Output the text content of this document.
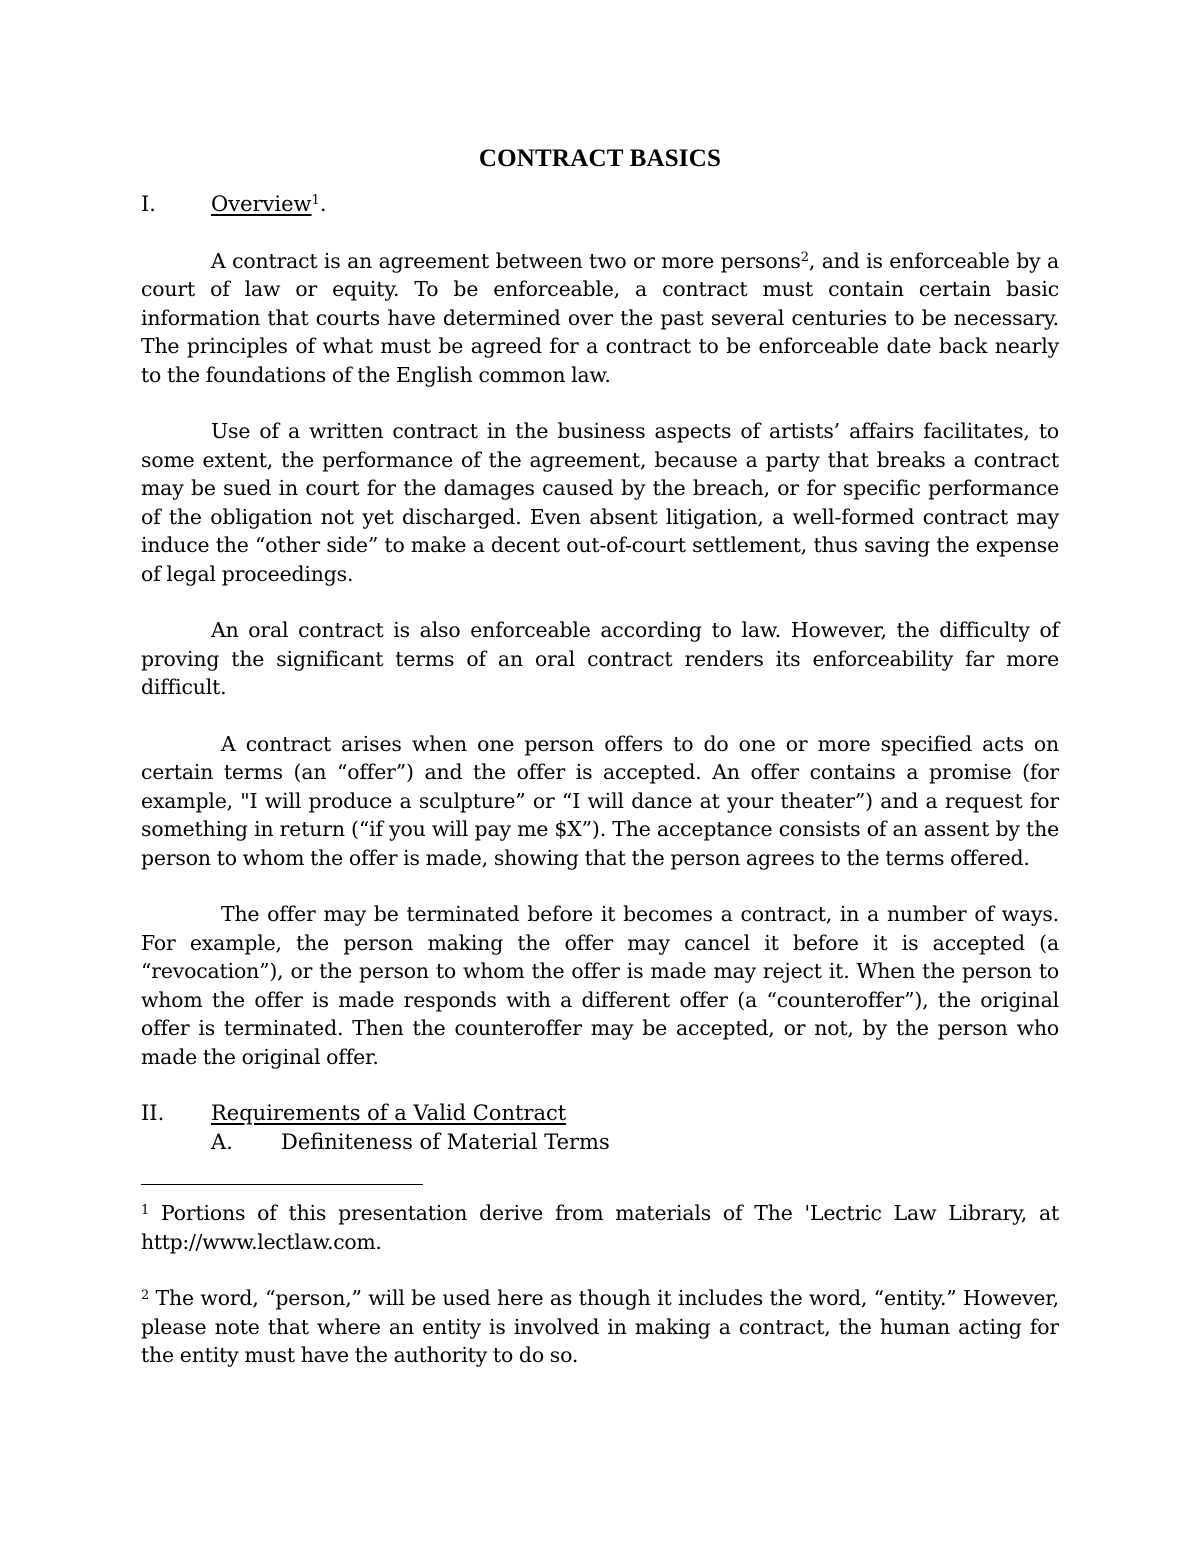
CONTRACT BASICS
I.	Overview$^1$.

A contract is an agreement between two or more persons$^2$, and is enforceable by a court of law or equity. To be enforceable, a contract must contain certain basic information that courts have determined over the past several centuries to be necessary. The principles of what must be agreed for a contract to be enforceable date back nearly to the foundations of the English common law.

Use of a written contract in the business aspects of artists’ affairs facilitates, to some extent, the performance of the agreement, because a party that breaks a contract may be sued in court for the damages caused by the breach, or for specific performance of the obligation not yet discharged. Even absent litigation, a well-formed contract may induce the “other side” to make a decent out-of-court settlement, thus saving the expense of legal proceedings.

An oral contract is also enforceable according to law. However, the difficulty of proving the significant terms of an oral contract renders its enforceability far more difficult.

A contract arises when one person offers to do one or more specified acts on certain terms (an “offer”) and the offer is accepted. An offer contains a promise (for example, "I will produce a sculpture” or “I will dance at your theater”) and a request for something in return (“if you will pay me $X”). The acceptance consists of an assent by the person to whom the offer is made, showing that the person agrees to the terms offered.

The offer may be terminated before it becomes a contract, in a number of ways. For example, the person making the offer may cancel it before it is accepted (a “revocation”), or the person to whom the offer is made may reject it. When the person to whom the offer is made responds with a different offer (a “counteroffer”), the original offer is terminated. Then the counteroffer may be accepted, or not, by the person who made the original offer.

II.	Requirements of a Valid Contract
A.	Definiteness of Material Terms

$^1$ Portions of this presentation derive from materials of The 'Lectric Law Library, at http://www.lectlaw.com.

$^2$ The word, “person,” will be used here as though it includes the word, “entity.” However, please note that where an entity is involved in making a contract, the human acting for the entity must have the authority to do so.
